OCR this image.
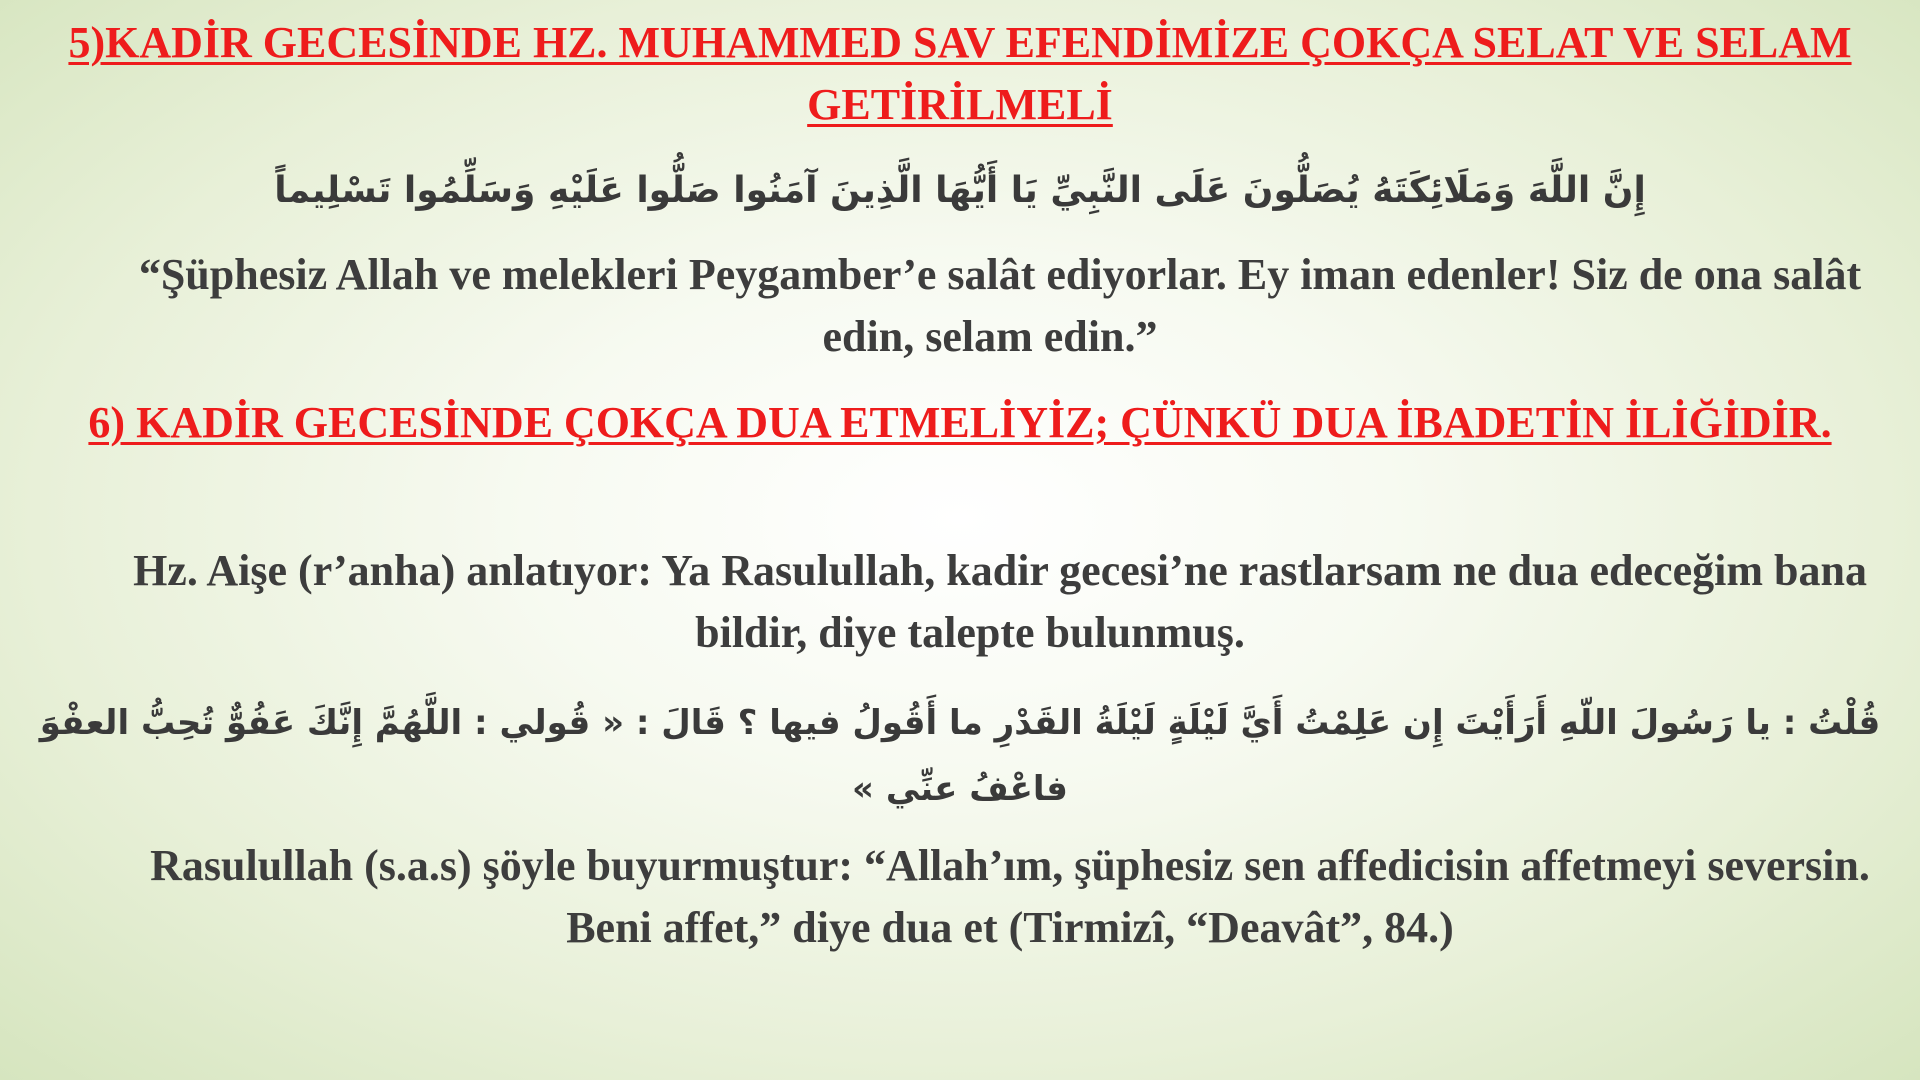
5)KADİR GECESİNDE HZ. MUHAMMED SAV EFENDİMİZE ÇOKÇA SELAT VE SELAM GETİRİLMELİ

إِنَّ اللَّهَ وَمَلَائِكَتَهُ يُصَلُّونَ عَلَى النَّبِيِّ يَا أَيُّهَا الَّذِينَ آمَنُوا صَلُّوا عَلَيْهِ وَسَلِّمُوا تَسْلِيماً

“Şüphesiz Allah ve melekleri Peygamber’e salât ediyorlar. Ey iman edenler! Siz de ona salât edin, selam edin.”

6) KADİR GECESİNDE ÇOKÇA DUA ETMELİYİZ; ÇÜNKÜ DUA İBADETİN İLİĞİDİR.

Hz. Aişe (r’anha) anlatıyor: Ya Rasulullah, kadir gecesi’ne rastlarsam ne dua edeceğim bana bildir, diye talepte bulunmuş.

قُلْتُ : يا رَسُولَ اللّهِ أَرَأَيْتَ إِن عَلِمْتُ أَيَّ لَيْلَةٍ لَيْلَةُ القَدْرِ ما أَقُولُ فيها ؟ قَالَ : « قُولي : اللَّهُمَّ إِنَّكَ عَفُوٌّ تُحِبُّ العفْوَ فاعْفُ عنِّي »

Rasulullah (s.a.s) şöyle buyurmuştur: “Allah’ım, şüphesiz sen affedicisin affetmeyi seversin. Beni affet,” diye dua et (Tirmizî, “Deavât”, 84.)
